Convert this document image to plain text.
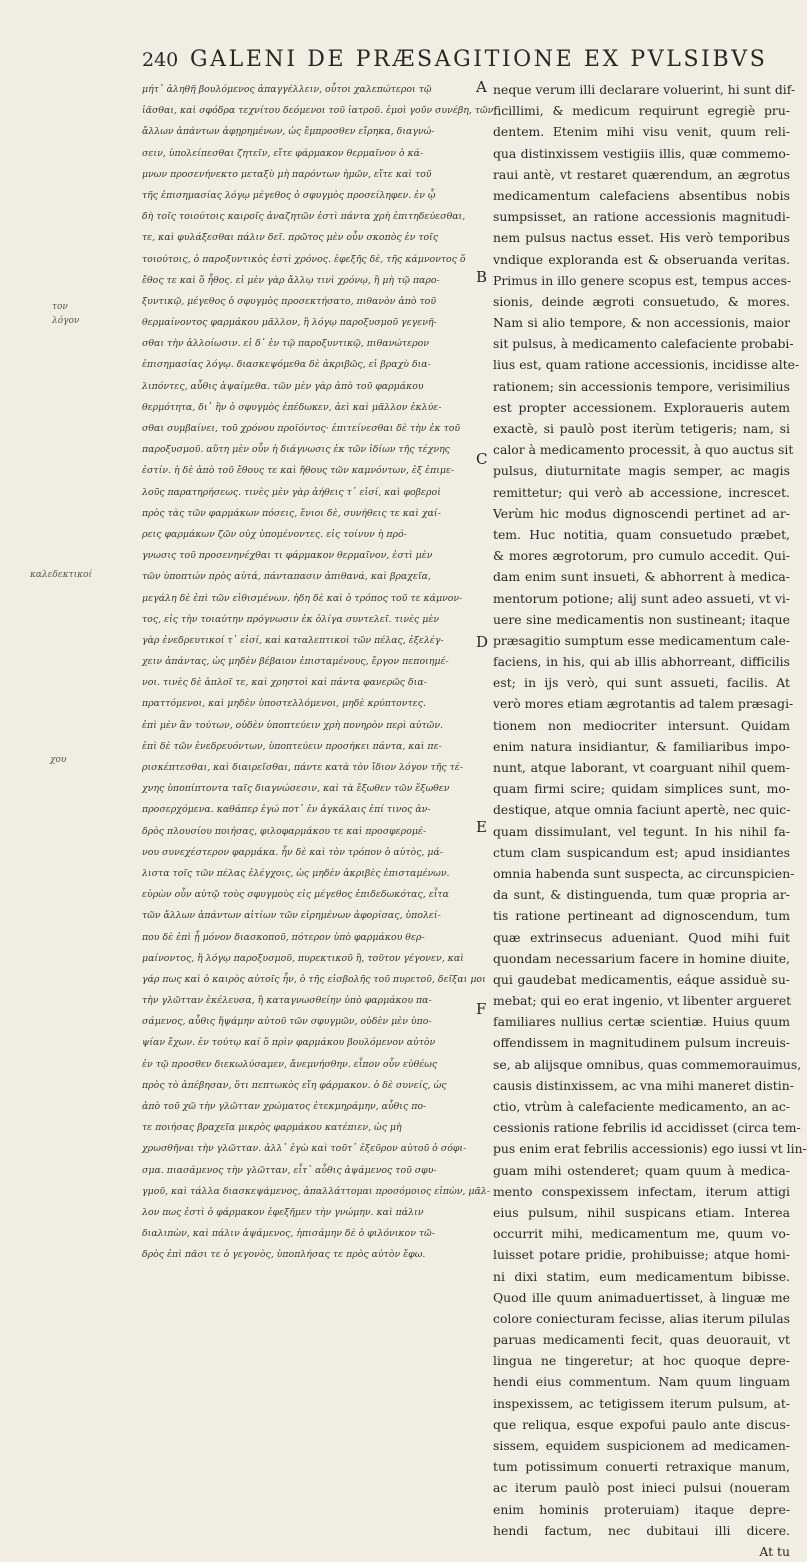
240 GALENI DE PRÆSAGITIONE EX PVLSIBVS
τον λόγον
καλεδεκτικοί
χου
μήτ᾽ ἀληθῆ βουλόμενος ἀπαγγέλλειν, οὗτοι χαλεπώτεροι τῷ
ἰᾶσθαι, καὶ σφόδρα τεχνίτου δεόμενοι τοῦ ἰατροῦ. ἐμοὶ γοῦν συνέβη, τῶν
ἄλλων ἁπάντων ἀφῃρημένων, ὡς ἔμπροσθεν εἴρηκα, διαγνώ-
σειν, ὑπολείπεσθαι ζητεῖν, εἴτε φάρμακον θερμαῖνον ὁ κά-
μνων προσενήνεκτο μεταξὺ μὴ παρόντων ἡμῶν, εἴτε καὶ τοῦ
τῆς ἐπισημασίας λόγῳ μέγεθος ὁ σφυγμὸς προσείληφεν. ἐν ᾧ
δὴ τοῖς τοιούτοις καιροῖς ἀναζητῶν ἐστὶ πάντα χρὴ ἐπιτηδεύεσθαι,
τε, καὶ φυλάξεσθαι πάλιν δεῖ. πρῶτος μὲν οὖν σκοπὸς ἐν τοῖς
τοιούτοις, ὁ παροξυντικὸς ἐστὶ χρόνος. ἐφεξῆς δὲ, τῆς κάμνοντος ὅ
ἔθος τε καὶ ὅ ἦθος. εἰ μὲν γὰρ ἄλλῳ τινὶ χρόνῳ, ἢ μὴ τῷ παρο-
ξυντικῷ, μέγεθος ὁ σφυγμὸς προσεκτήσατο, πιθανὸν ἀπὸ τοῦ
θερμαίνοντος φαρμάκου μᾶλλον, ἢ λόγῳ παροξυσμοῦ γεγενῆ-
σθαι τὴν ἀλλοίωσιν. εἰ δ᾽ ἐν τῷ παροξυντικῷ, πιθανώτερον
ἐπισημασίας λόγῳ. διασκεψόμεθα δὲ ἀκριβῶς, εἰ βραχὺ δια-
λιπόντες, αὖθις ἁψαίμεθα. τῶν μὲν γὰρ ἀπὸ τοῦ φαρμάκου
θερμότητα, δι᾽ ἣν ὁ σφυγμὸς ἐπέδωκεν, ἀεὶ καὶ μᾶλλον ἐκλύε-
σθαι συμβαίνει, τοῦ χρόνου προϊόντος· ἐπιτείνεσθαι δὲ τὴν ἐκ τοῦ
παροξυσμοῦ. αὕτη μὲν οὖν ἡ διάγνωσις ἐκ τῶν ἰδίων τῆς τέχνης
ἐστίν. ἡ δὲ ἀπὸ τοῦ ἔθους τε καὶ ἤθους τῶν καμνόντων, ἐξ ἐπιμε-
λοῦς παρατηρήσεως. τινὲς μὲν γὰρ ἀήθεις τ᾽ εἰσί, καὶ φοβεροὶ
πρὸς τὰς τῶν φαρμάκων πόσεις, ἔνιοι δὲ, συνήθεις τε καὶ χαί-
ρεις φαρμάκων ζῶν οὐχ ὑπομένοντες. εἰς τοίνυν ἡ πρό-
γνωσις τοῦ προσενηνέχθαι τι φάρμακον θερμαῖνον, ἐστὶ μὲν
τῶν ὑποπτών πρὸς αὐτά, πάνταπασιν ἀπιθανά, καὶ βραχεῖα,
μεγάλη δὲ ἐπὶ τῶν εἰθισμένων. ἠδη δὲ καὶ ὁ τρόπος τοῦ τε κάμνον-
τος, εἰς τὴν τοιαύτην πρόγνωσιν ἐκ ὀλίγα συντελεῖ. τινὲς μὲν
γὰρ ἐνεδρευτικοί τ᾽ εἰσί, καὶ καταλεπτικοὶ τῶν πέλας, ἐξελέγ-
χειν ἀπάντας, ὡς μηδὲν βέβαιον ἐπισταμένους, ἔργον πεποιημέ-
νοι. τινὲς δὲ ἁπλοῖ τε, καὶ χρηστοὶ καὶ πάντα φανερῶς δια-
πραττόμενοι, καὶ μηδὲν ὑποστελλόμενοι, μηδὲ κρύπτοντες.
ἐπὶ μὲν ἂν τούτων, οὐδὲν ὑποπτεύειν χρὴ πονηρὸν περὶ αὐτῶν.
ἐπὶ δὲ τῶν ἐνεδρευόντων, ὑποπτεύειν προσήκει πάντα, καὶ πε-
ρισκέπτεσθαι, καὶ διαιρεῖσθαι, πάντε κατὰ τὸν ἴδιον λόγον τῆς τέ-
χνης ὑποπίπτοντα ταῖς διαγνώσεσιν, καὶ τὰ ἔξωθεν τῶν ἔξωθεν
προσερχόμενα. καθάπερ ἐγώ ποτ᾽ ἐν ἀγκάλαις ἐπί τινος ἀν-
δρὸς πλουσίου ποιήσας, φιλοφαρμάκου τε καὶ προσφερομέ-
νου συνεχέστερον φαρμάκα. ἦν δὲ καὶ τὸν τρόπον ὁ αὐτὸς, μά-
λιστα τοῖς τῶν πέλας ἐλέγχοις, ὡς μηδὲν ἀκριβὲς ἐπισταμένων.
εὑρὼν οὖν αὐτῷ τοὺς σφυγμοὺς εἰς μέγεθος ἐπιδεδωκότας, εἶτα
τῶν ἄλλων ἁπάντων αἰτίων τῶν εἰρημένων ἀφορίσας, ὑπολεί-
που δὲ ἐπὶ ᾗ μόνον διασκοποῦ, πότερον ὑπὸ φαρμάκου θερ-
μαίνοντος, ἢ λόγῳ παροξυσμοῦ, πυρεκτικοῦ ἢ, τοῦτον γέγονεν, καὶ
γάρ πως καὶ ὁ καιρὸς αὐτοῖς ἦν, ὁ τῆς εἰσβολῆς τοῦ πυρετοῦ, δεῖξαι μοι
τὴν γλῶτταν ἐκέλευσα, ἢ καταγνωσθείην ὑπὸ φαρμάκου πα-
σάμενος, αὖθις ἥψάμην αὐτοῦ τῶν σφυγμῶν, οὐδὲν μὲν ὑπο-
ψίαν ἔχων. ἐν τούτῳ καί ὅ πρὶν φαρμάκου βουλόμενον αὐτὸν
ἐν τῷ προσθεν διεκωλύσαμεν, ἄνεμνήσθην. εἶπον οὖν εὐθέως
πρὸς τὸ ἀπέβησαν, ὅτι πεπτωκὸς εἴη φάρμακον. ὁ δὲ συνείς, ὡς
ἀπὸ τοῦ χῶ τὴν γλῶτταν χρώματος ἐτεκμηράμην, αὖθις πο-
τε ποιήσας βραχεῖα μικρὸς φαρμάκου κατέπιεν, ὡς μὴ
χρωσθῆναι τὴν γλῶτταν. ἀλλ᾽ ἐγὼ καὶ τοῦτ᾽ ἐξεῦρον αὐτοῦ ὁ σόφι-
σμα. πιασάμενος τὴν γλῶτταν, εἶτ᾽ αὖθις ἁψάμενος τοῦ σφυ-
γμοῦ, καὶ τάλλα διασκεψάμενος, ἀπαλλάττομαι προσόμοιος εἰπὼν, μᾶλ-
λον πως ἐστὶ ὁ φάρμακον ἐφεξῆμεν τὴν γνώμην. καὶ πάλιν
διαλιπὼν, καὶ πάλιν ἁψάμενος, ἠπισάμην δὲ ὁ φιλόνικον τῶ-
δρὸς ἐπὶ πᾶσι τε ὁ γεγονὸς, ὑποπλήσας τε πρὸς αὐτὸν ἔφω.
A
B
C
D
E
F
neque verum illi declarare voluerint, hi sunt dif-
ficillimi, & medicum requirunt egregiè pru-
dentem. Etenim mihi visu venit, quum reli-
qua distinxissem vestigiis illis, quæ commemo-
raui antè, vt restaret quærendum, an ægrotus
medicamentum calefaciens absentibus nobis
sumpsisset, an ratione accessionis magnitudi-
nem pulsus nactus esset. His verò temporibus
vndique exploranda est & obseruanda veritas.
Primus in illo genere scopus est, tempus acces-
sionis, deinde ægroti consuetudo, & mores.
Nam si alio tempore, & non accessionis, maior
sit pulsus, à medicamento calefaciente probabi-
lius est, quam ratione accessionis, incidisse alte-
rationem; sin accessionis tempore, verisimilius
est propter accessionem. Exploraueris autem
exactè, si paulò post iterùm tetigeris; nam, si
calor à medicamento processit, à quo auctus sit
pulsus, diuturnitate magis semper, ac magis
remittetur; qui verò ab accessione, increscet.
Verùm hic modus dignoscendi pertinet ad ar-
tem. Huc notitia, quam consuetudo præbet,
& mores ægrotorum, pro cumulo accedit. Qui-
dam enim sunt insueti, & abhorrent à medica-
mentorum potione; alij sunt adeo assueti, vt vi-
uere sine medicamentis non sustineant; itaque
præsagitio sumptum esse medicamentum cale-
faciens, in his, qui ab illis abhorreant, difficilis
est; in ijs verò, qui sunt assueti, facilis. At
verò mores etiam ægrotantis ad talem præsagi-
tionem non mediocriter intersunt. Quidam
enim natura insidiantur, & familiaribus impo-
nunt, atque laborant, vt coarguant nihil quem-
quam firmi scire; quidam simplices sunt, mo-
destique, atque omnia faciunt apertè, nec quic-
quam dissimulant, vel tegunt. In his nihil fa-
ctum clam suspicandum est; apud insidiantes
omnia habenda sunt suspecta, ac circunspicien-
da sunt, & distinguenda, tum quæ propria ar-
tis ratione pertineant ad dignoscendum, tum
quæ extrinsecus adueniant. Quod mihi fuit
quondam necessarium facere in homine diuite,
qui gaudebat medicamentis, eáque assiduè su-
mebat; qui eo erat ingenio, vt libenter argueret
familiares nullius certæ scientiæ. Huius quum
offendissem in magnitudinem pulsum increuis-
se, ab alijsque omnibus, quas commemorauimus,
causis distinxissem, ac vna mihi maneret distin-
ctio, vtrùm à calefaciente medicamento, an ac-
cessionis ratione febrilis id accidisset (circa tem-
pus enim erat febrilis accessionis) ego iussi vt lin-
guam mihi ostenderet; quam quum à medica-
mento conspexissem infectam, iterum attigi
eius pulsum, nihil suspicans etiam. Interea
occurrit mihi, medicamentum me, quum vo-
luisset potare pridie, prohibuisse; atque homi-
ni dixi statim, eum medicamentum bibisse.
Quod ille quum animaduertisset, à linguæ me
colore coniecturam fecisse, alias iterum pilulas
paruas medicamenti fecit, quas deuorauit, vt
lingua ne tingeretur; at hoc quoque depre-
hendi eius commentum. Nam quum linguam
inspexissem, ac tetigissem iterum pulsum, at-
que reliqua, esque expofui paulo ante discus-
sissem, equidem suspicionem ad medicamen-
tum potissimum conuerti retraxique manum,
ac iterum paulò post inieci pulsui (noueram
enim hominis proteruiam) itaque depre-
hendi factum, nec dubitaui illi dicere.
At tu
